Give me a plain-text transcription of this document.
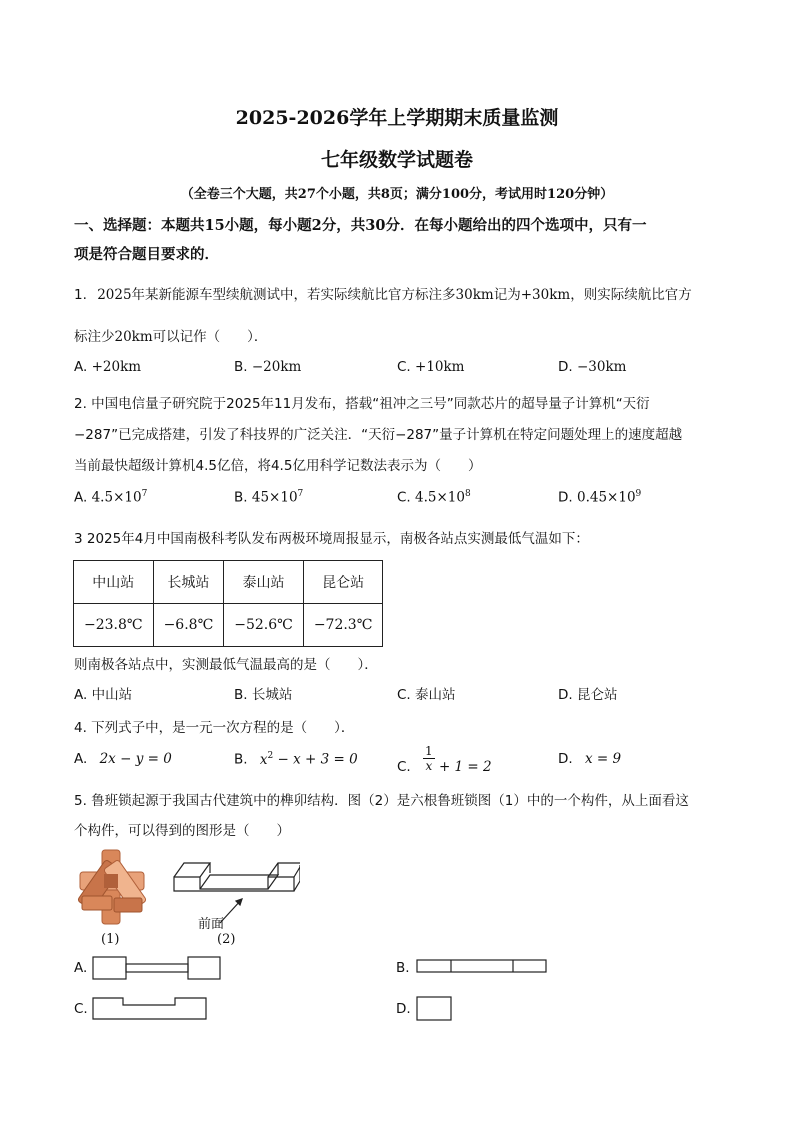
2025-2026学年上学期期末质量监测
七年级数学试题卷
（全卷三个大题，共27个小题，共8页；满分100分，考试用时120分钟）
一、选择题：本题共15小题，每小题2分，共30分．在每小题给出的四个选项中，只有一
项是符合题目要求的．
1. 2025年某新能源车型续航测试中，若实际续航比官方标注多30km记为+30km，则实际续航比官方
标注少20km可以记作（　　）．
A. +20km	B. −20km	C. +10km	D. −30km
2. 中国电信量子研究院于2025年11月发布，搭载“祖冲之三号”同款芯片的超导量子计算机“天衍
−287”已完成搭建，引发了科技界的广泛关注．“天衍−287”量子计算机在特定问题处理上的速度超越
当前最快超级计算机4.5亿倍，将4.5亿用科学记数法表示为（　　）
A. $4.5\times 10^7$	B. $45\times 10^7$	C. $4.5\times 10^8$	D. $0.45\times 10^9$
3 2025年4月中国南极科考队发布两极环境周报显示，南极各站点实测最低气温如下：
中山站	长城站	泰山站	昆仑站
−23.8℃	−6.8℃	−52.6℃	−72.3℃
则南极各站点中，实测最低气温最高的是（　　）．
A. 中山站	B. 长城站	C. 泰山站	D. 昆仑站
4. 下列式子中，是一元一次方程的是（　　）．
A. 2x − y = 0	B. $x^2 - x + 3 = 0$	C. $\frac{1}{x} + 1 = 2$	D. x = 9
5. 鲁班锁起源于我国古代建筑中的榫卯结构．图（2）是六根鲁班锁图（1）中的一个构件，从上面看这
个构件，可以得到的图形是（　　）
前面
(1)	(2)
A.	B.
C.	D.
